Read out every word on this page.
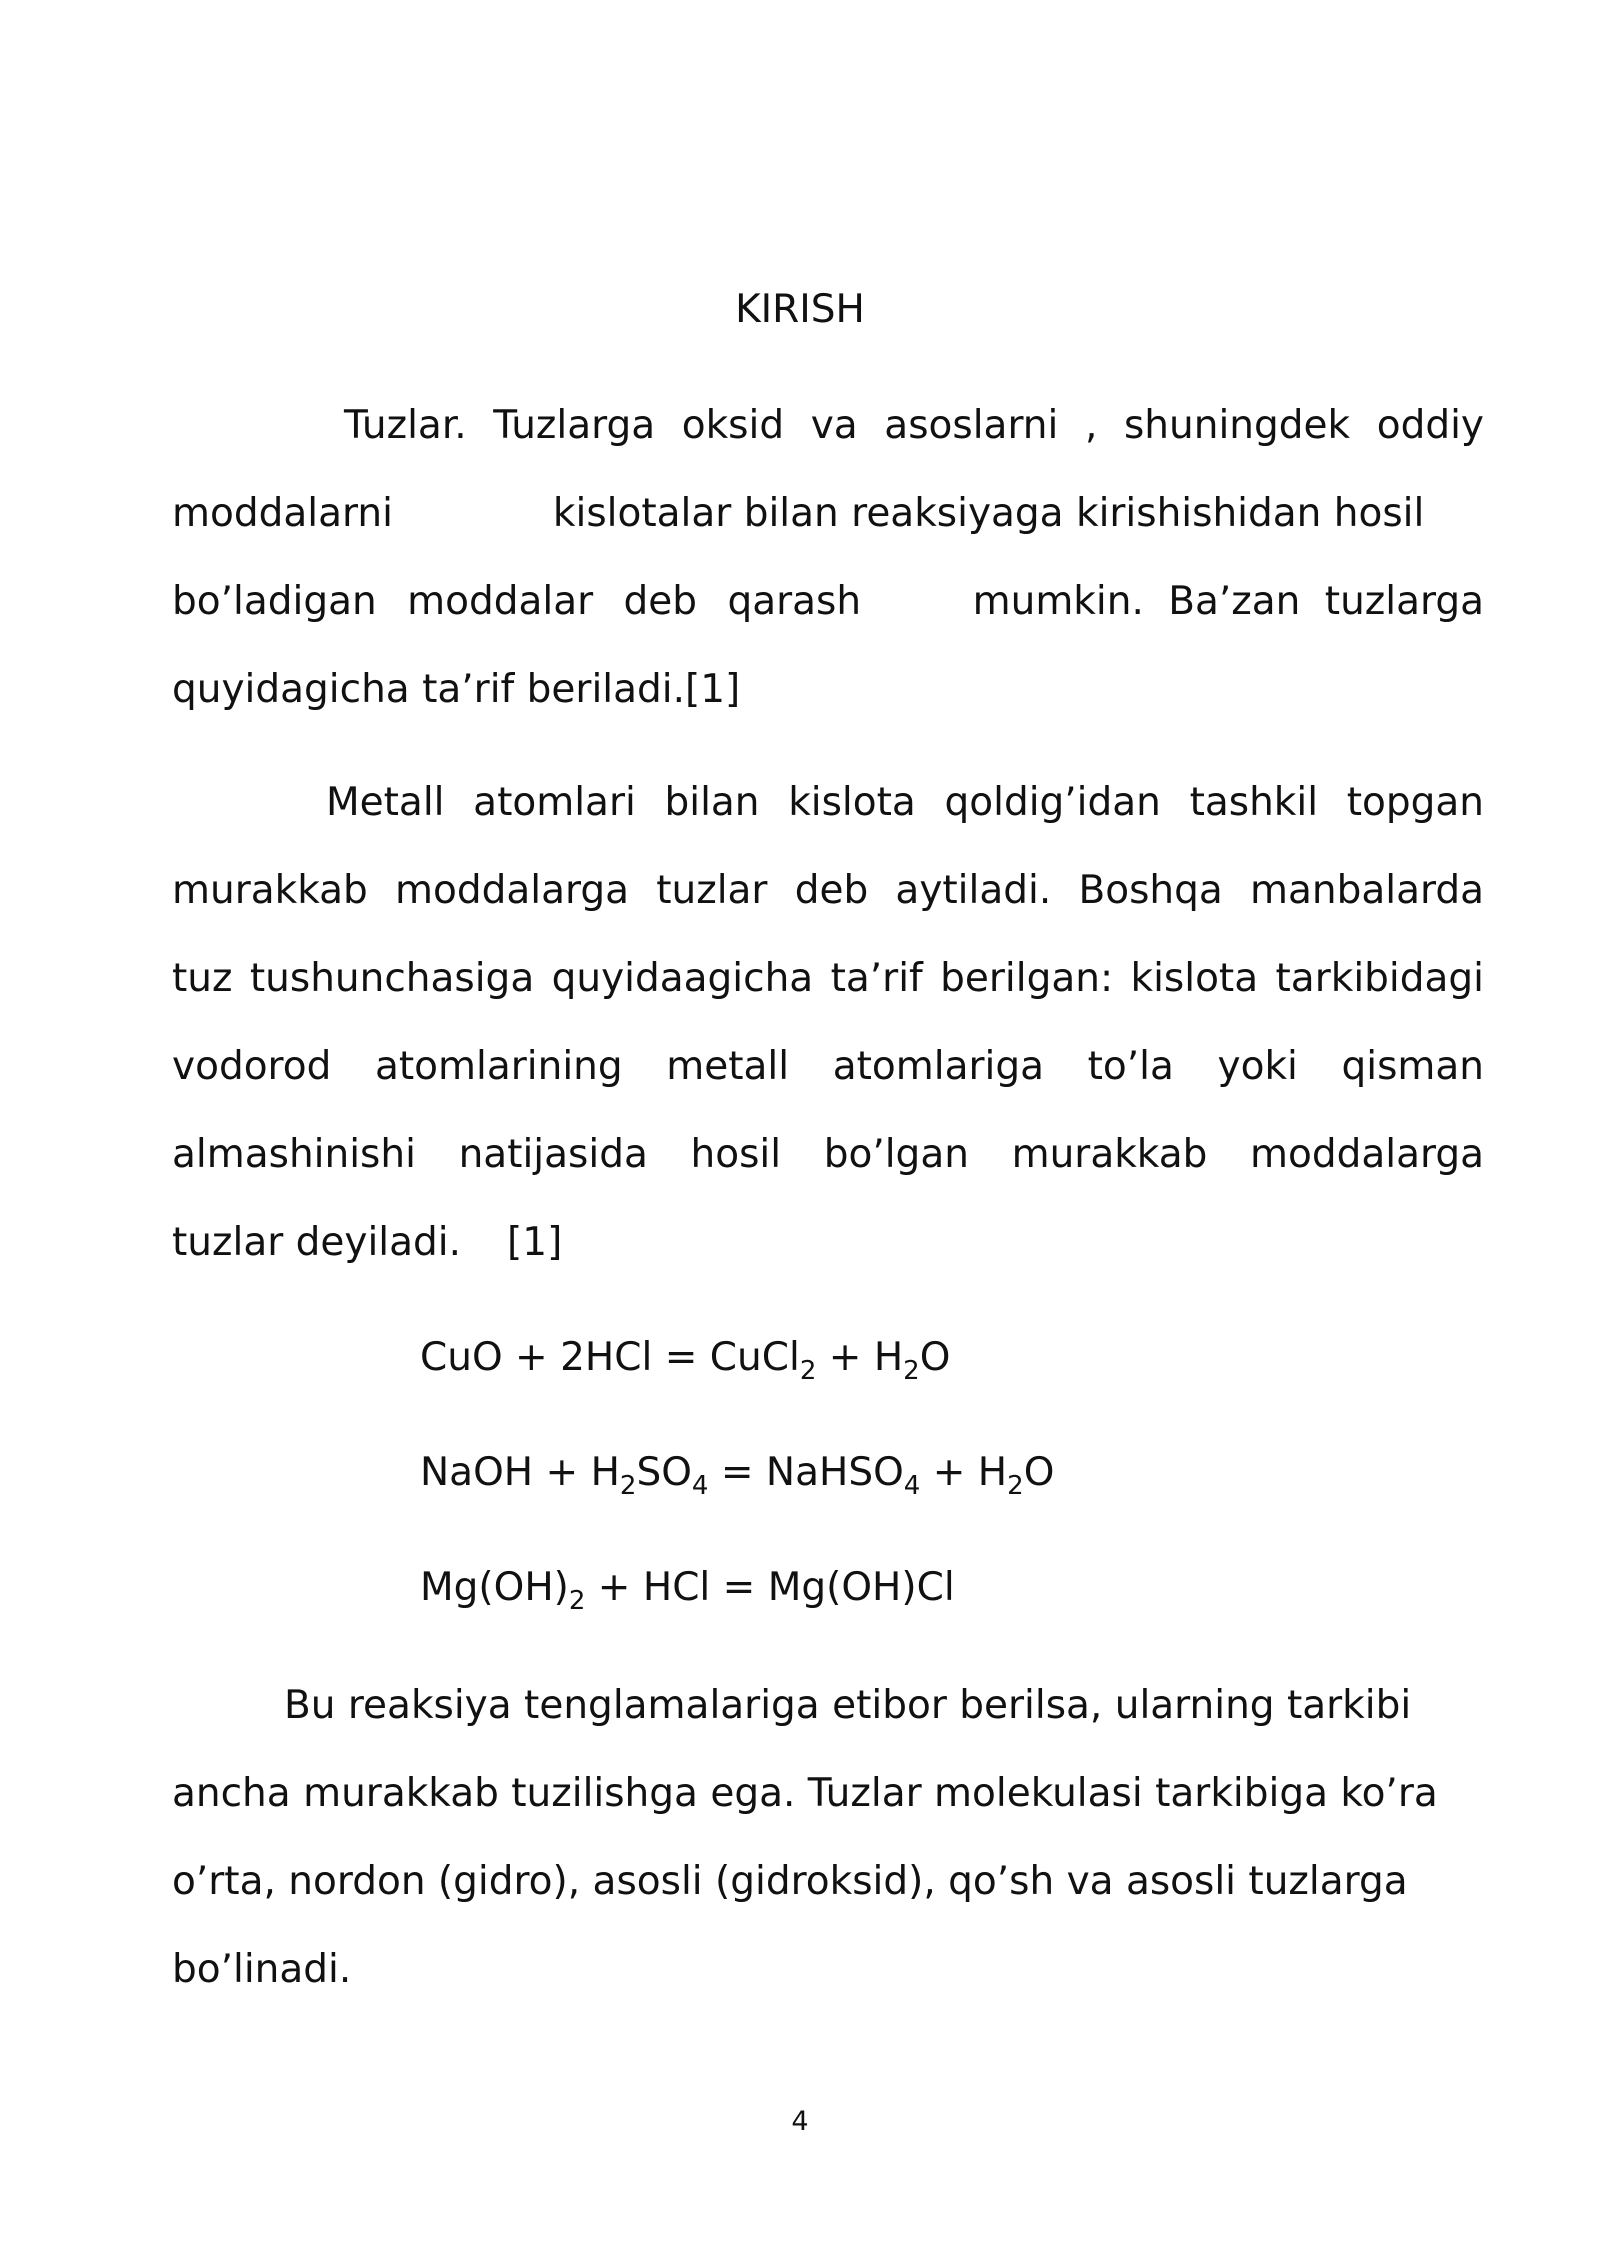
KIRISH
Tuzlar. Tuzlarga oksid va asoslarni , shuningdek oddiy
moddalarni	kislotalar bilan reaksiyaga kirishishidan hosil
bo’ladigan moddalar deb qarash	mumkin. Ba’zan tuzlarga
quyidagicha ta’rif beriladi.[1]
Metall atomlari bilan kislota qoldig’idan tashkil topgan
murakkab moddalarga tuzlar deb aytiladi. Boshqa manbalarda
tuz tushunchasiga quyidaagicha ta’rif berilgan: kislota tarkibidagi
vodorod atomlarining metall atomlariga to’la yoki qisman
almashinishi natijasida hosil bo’lgan murakkab moddalarga
tuzlar deyiladi. [1]
CuO + 2HCl = CuCl$_2$ + $H_2O$
NaOH + $H_2SO_4$ = NaHSO$_4$ + $H_2O$
$Mg(OH)_2$ + HCl = Mg(OH)Cl
Bu reaksiya tenglamalariga etibor berilsa, ularning tarkibi
ancha murakkab tuzilishga ega. Tuzlar molekulasi tarkibiga ko’ra
o’rta, nordon (gidro), asosli (gidroksid), qo’sh va asosli tuzlarga
bo’linadi.
4
